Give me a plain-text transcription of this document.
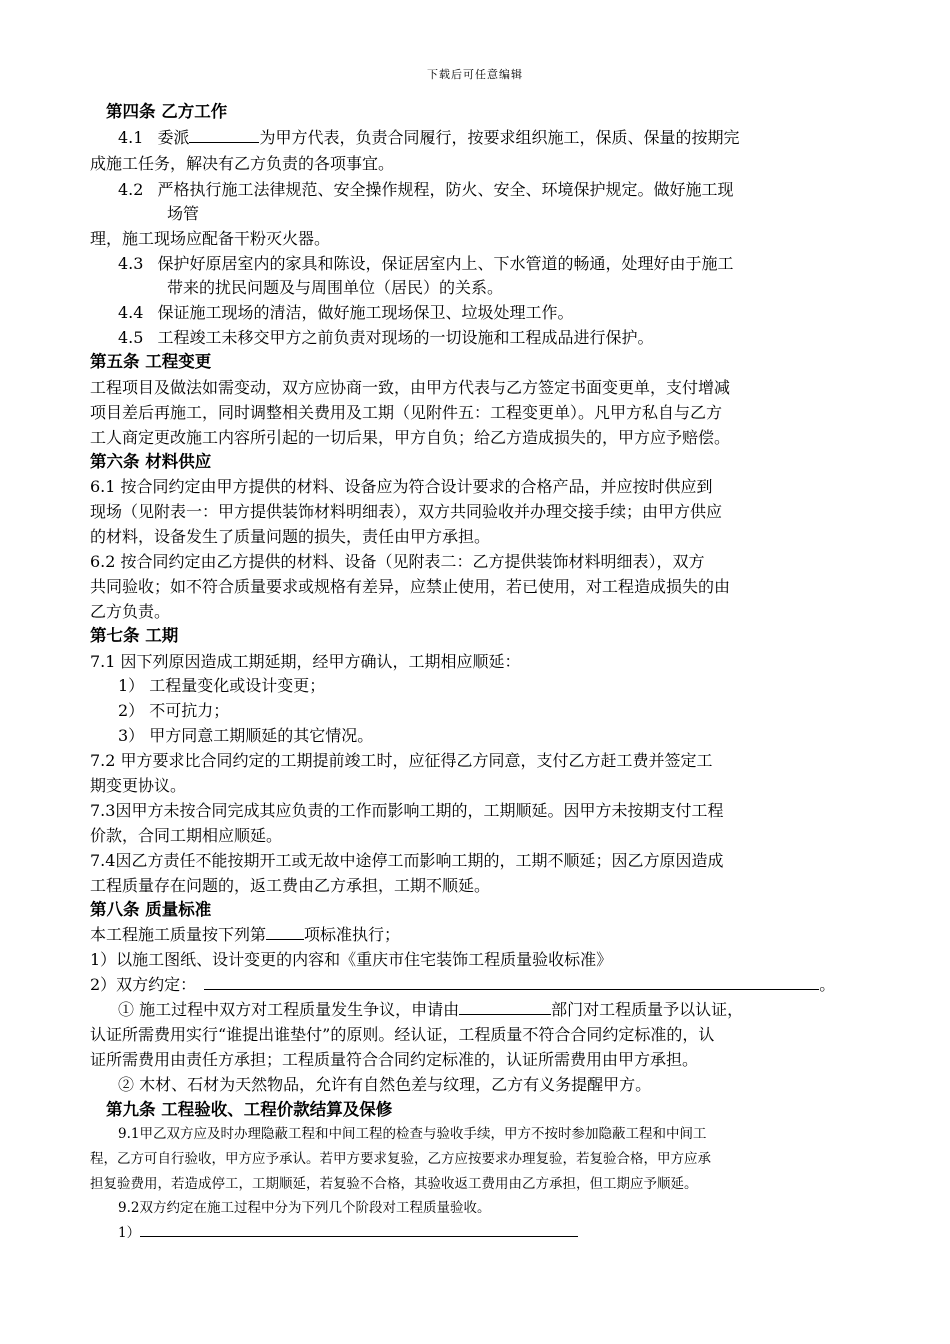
下载后可任意编辑
第四条 乙方工作
4.1 委派	为甲方代表，负责合同履行，按要求组织施工，保质、保量的按期完
成施工任务，解决有乙方负责的各项事宜。
4.2 严格执行施工法律规范、安全操作规程，防火、安全、环境保护规定。做好施工现
场管
理，施工现场应配备干粉灭火器。
4.3 保护好原居室内的家具和陈设，保证居室内上、下水管道的畅通，处理好由于施工
带来的扰民问题及与周围单位（居民）的关系。
4.4 保证施工现场的清洁，做好施工现场保卫、垃圾处理工作。
4.5 工程竣工未移交甲方之前负责对现场的一切设施和工程成品进行保护。
第五条 工程变更
工程项目及做法如需变动，双方应协商一致，由甲方代表与乙方签定书面变更单，支付增减
项目差后再施工，同时调整相关费用及工期（见附件五：工程变更单）。凡甲方私自与乙方
工人商定更改施工内容所引起的一切后果，甲方自负；给乙方造成损失的，甲方应予赔偿。
第六条 材料供应
6.1 按合同约定由甲方提供的材料、设备应为符合设计要求的合格产品，并应按时供应到
现场（见附表一：甲方提供装饰材料明细表），双方共同验收并办理交接手续；由甲方供应
的材料，设备发生了质量问题的损失，责任由甲方承担。
6.2 按合同约定由乙方提供的材料、设备（见附表二：乙方提供装饰材料明细表），双方
共同验收；如不符合质量要求或规格有差异，应禁止使用，若已使用，对工程造成损失的由
乙方负责。
第七条 工期
7.1 因下列原因造成工期延期，经甲方确认，工期相应顺延：
1） 工程量变化或设计变更；
2） 不可抗力；
3） 甲方同意工期顺延的其它情况。
7.2 甲方要求比合同约定的工期提前竣工时，应征得乙方同意，支付乙方赶工费并签定工
期变更协议。
7.3因甲方未按合同完成其应负责的工作而影响工期的，工期顺延。因甲方未按期支付工程
价款，合同工期相应顺延。
7.4因乙方责任不能按期开工或无故中途停工而影响工期的，工期不顺延；因乙方原因造成
工程质量存在问题的，返工费由乙方承担，工期不顺延。
第八条 质量标准
本工程施工质量按下列第 项标准执行；
1）以施工图纸、设计变更的内容和《重庆市住宅装饰工程质量验收标准》
2）双方约定：	。
① 施工过程中双方对工程质量发生争议，申请由	部门对工程质量予以认证，
认证所需费用实行“谁提出谁垫付”的原则。经认证，工程质量不符合合同约定标准的，认
证所需费用由责任方承担；工程质量符合合同约定标准的，认证所需费用由甲方承担。
② 木材、石材为天然物品，允许有自然色差与纹理，乙方有义务提醒甲方。
第九条 工程验收、工程价款结算及保修
9.1甲乙双方应及时办理隐蔽工程和中间工程的检查与验收手续，甲方不按时参加隐蔽工程和中间工
程，乙方可自行验收，甲方应予承认。若甲方要求复验，乙方应按要求办理复验，若复验合格，甲方应承
担复验费用，若造成停工，工期顺延，若复验不合格，其验收返工费用由乙方承担，但工期应予顺延。
9.2双方约定在施工过程中分为下列几个阶段对工程质量验收。
1）
